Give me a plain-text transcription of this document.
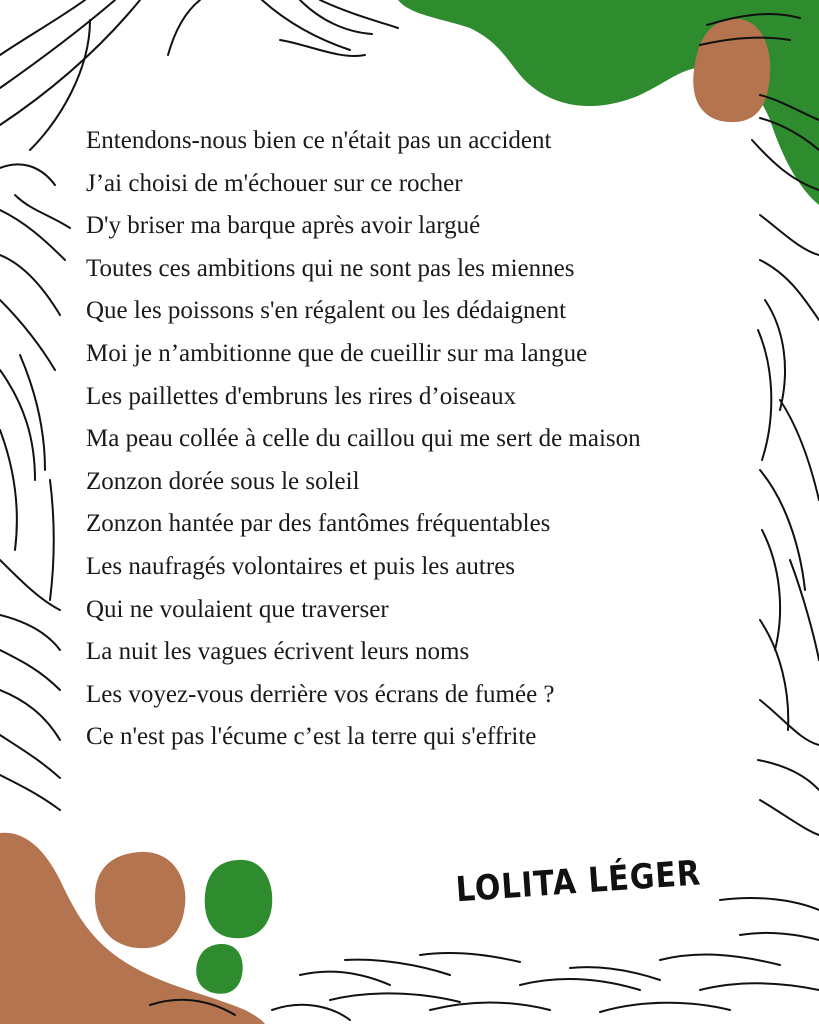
Entendons-nous bien ce n'était pas un accident
J’ai choisi de m'échouer sur ce rocher
D'y briser ma barque après avoir largué
Toutes ces ambitions qui ne sont pas les miennes
Que les poissons s'en régalent ou les dédaignent
Moi je n’ambitionne que de cueillir sur ma langue
Les paillettes d'embruns les rires d’oiseaux
Ma peau collée à celle du caillou qui me sert de maison
Zonzon dorée sous le soleil
Zonzon hantée par des fantômes fréquentables
Les naufragés volontaires et puis les autres
Qui ne voulaient que traverser
La nuit les vagues écrivent leurs noms
Les voyez-vous derrière vos écrans de fumée ?
Ce n'est pas l'écume c’est la terre qui s'effrite
LOLITA LÉGER
